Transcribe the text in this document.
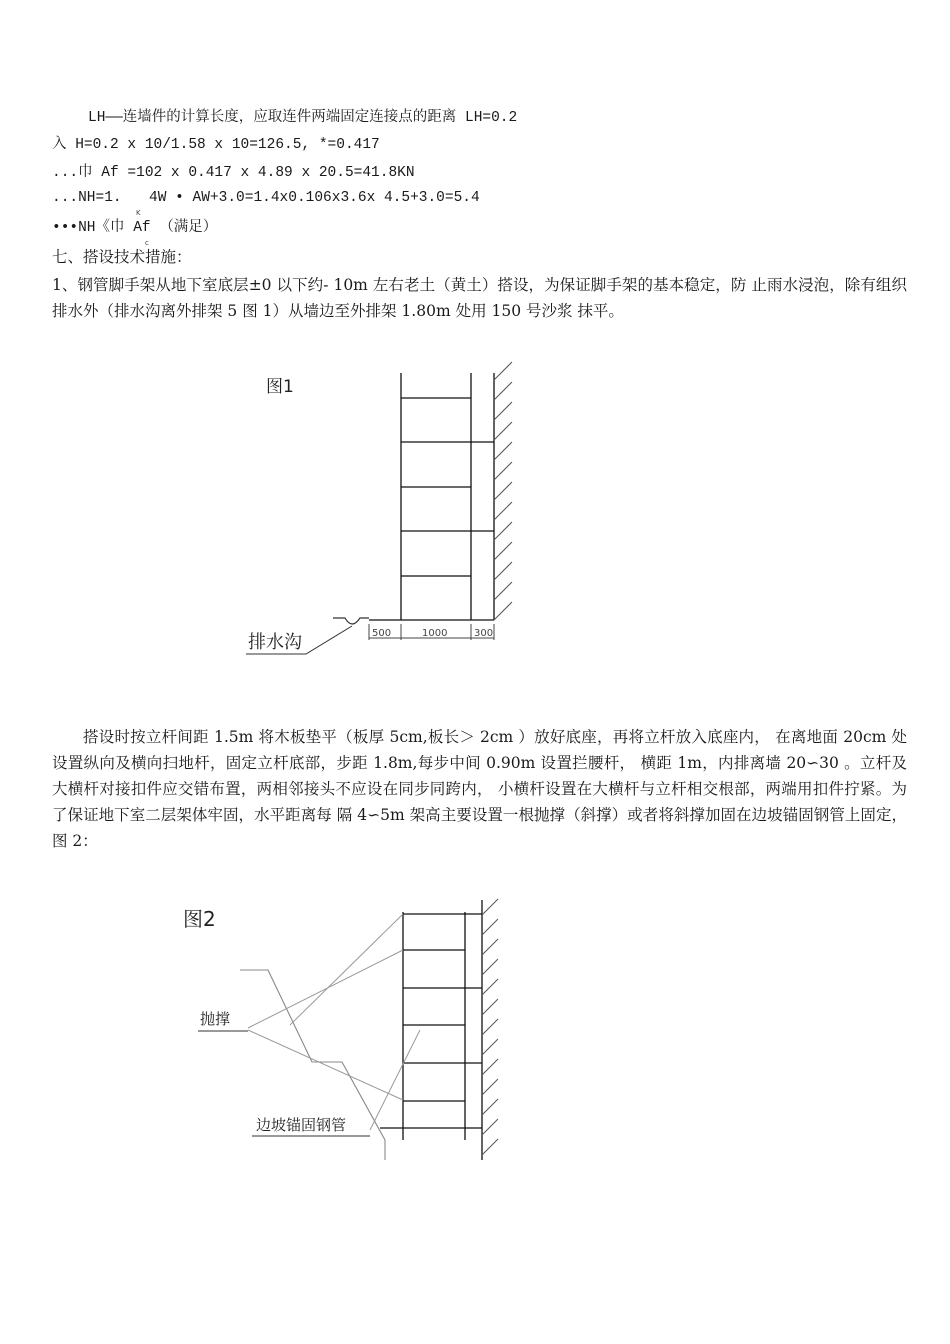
LH——连墙件的计算长度，应取连件两端固定连接点的距离 LH=0.2
入 H=0.2 x 10/1.58 x 10=126.5, *=0.417
...巾 Af =102 x 0.417 x 4.89 x 20.5=41.8KN
...NH=1. 4W • AW+3.0=1.4x0.106x3.6x 4.5+3.0=5.4
K
•••NH《巾 Af （满足）
c
七、搭设技术措施：
1、钢管脚手架从地下室底层±0 以下约- 10m 左右老土（黄土）搭设，为保证脚手架的基本稳定，防 止雨水浸泡，除有组织排水外（排水沟离外排架 5 图 1）从墙边至外排架 1.80m 处用 150 号沙浆 抹平。
图1
排水沟	500	1000	300
图2
抛撑
边坡锚固钢管
搭设时按立杆间距 1.5m 将木板垫平（板厚 5cm,板长＞ 2cm ）放好底座，再将立杆放入底座内， 在离地面 20cm 处设置纵向及横向扫地杆，固定立杆底部，步距 1.8m,每步中间 0.90m 设置拦腰杆， 横距 1m，内排离墙 20∽30 。立杆及大横杆对接扣件应交错布置，两相邻接头不应设在同步同跨内， 小横杆设置在大横杆与立杆相交根部，两端用扣件拧紧。为了保证地下室二层架体牢固，水平距离每 隔 4∽5m 架高主要设置一根抛撑（斜撑）或者将斜撑加固在边坡锚固钢管上固定，图 2：
